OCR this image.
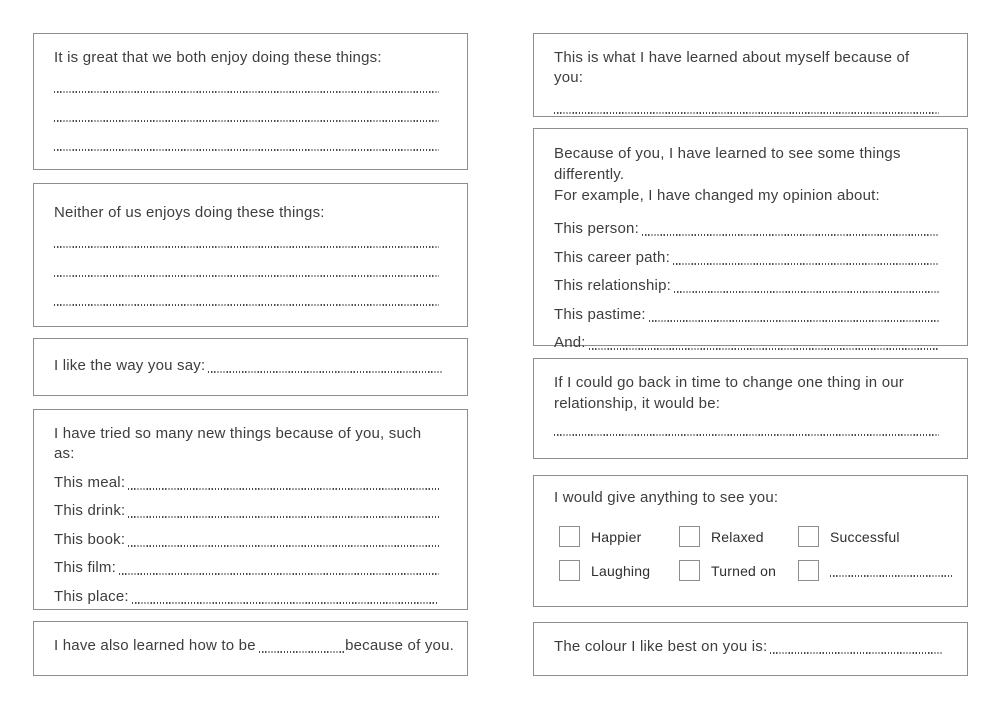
It is great that we both enjoy doing these things:
Neither of us enjoys doing these things:
I like the way you say:
I have tried so many new things because of you, such as:
This meal:
This drink:
This book:
This film:
This place:
I have also learned how to be	because of you.
This is what I have learned about myself because of you:
Because of you, I have learned to see some things differently.
For example, I have changed my opinion about:
This person:
This career path:
This relationship:
This pastime:
And:
If I could go back in time to change one thing in our
relationship, it would be:
I would give anything to see you:
Happier	Relaxed	Successful
Laughing	Turned on
The colour I like best on you is:
